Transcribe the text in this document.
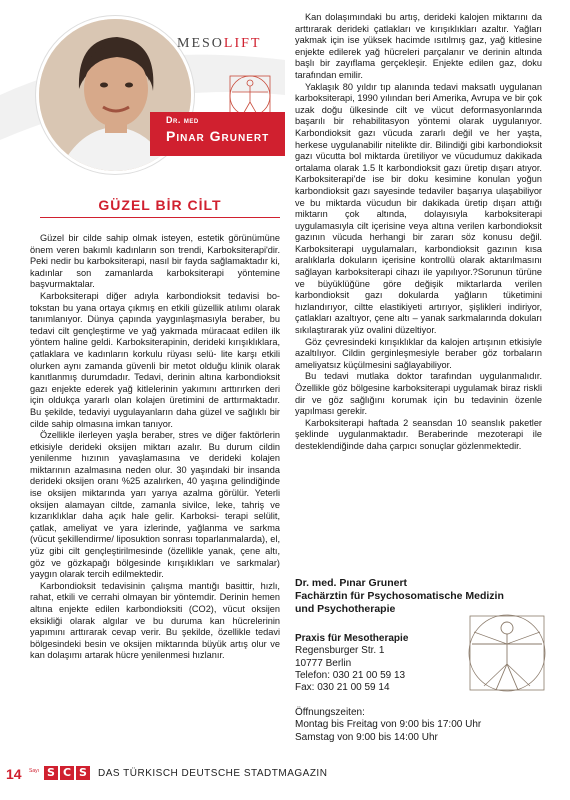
MESOLIFT
Dr. med
Pınar Grunert
GÜZEL BİR CİLT

Güzel bir cilde sahip olmak isteyen, estetik görünümüne önem veren bakımlı kadınların son trendi, Karboksiterapi'dir. Peki nedir bu karboksiterapi, nasıl bir fayda sağlamaktadır ki, kadınlar son zamanlarda karboksiterapi yöntemine başvurmaktalar.

Karboksiterapi diğer adıyla karbondioksit tedavisi bo-tokstan bu yana ortaya çıkmış en etkili güzellik atılımı olarak tanımlanıyor. Dünya çapında yaygınlaşmasıyla beraber, bu tedavi cilt gençleştirme ve yağ yakmada müracaat edilen ilk yöntem haline geldi. Karboksiterapinin, derideki kırışıklıklara, çatlaklara ve kadınların korkulu rüyası selü- lite karşı etkili olurken aynı zamanda güvenli bir metot olduğu klinik olarak kanıtlanmış durumdadır. Tedavi, derinin altına karbondioksit gazı enjekte ederek yağ kitlelerinin yakımını arttırırken deri için oldukça yararlı olan kolajen üretimini de arttırmaktadır. Bu şekilde, tedaviyi uygulayanların daha güzel ve sağlıklı bir cilde sahip olmasına imkan tanıyor.

Özellikle ilerleyen yaşla beraber, stres ve diğer faktörlerin etkisiyle derideki oksijen miktarı azalır. Bu durum cildin yenilenme hızının yavaşlamasına ve derideki kolajen miktarının azalmasına neden olur. 30 yaşındaki bir insanda derideki oksijen oranı %25 azalırken, 40 yaşına gelindiğinde ise oksijen miktarında yarı yarıya azalma görülür. Yeterli oksijen alamayan ciltde, zamanla sivilce, leke, tahriş ve kızarıklıklar daha açık hale gelir. Karboksi- terapi selülit, çatlak, ameliyat ve yara izlerinde, yağlanma ve sarkma (vücut şekillendirme/ liposuktion sonrası toparlanmalarda), el, yüz gibi cilt gençleştirilmesinde (özellikle yanak, çene altı, göz ve gözkapağı bölgesinde kırışıklıkları ve sarkmalar) yaygın olarak tercih edilmektedir.

Karbondioksit tedavisinin çalışma mantığı basittir, hızlı, rahat, etkili ve cerrahi olmayan bir yöntemdir. Derinin hemen altına enjekte edilen karbondioksiti (CO2), vücut oksijen eksikliği olarak algılar ve bu duruma kan hücrelerinin yapımını arttırarak cevap verir. Bu şekilde, özellikle tedavi bölgesindeki besin ve oksijen miktarında büyük artış olur ve kan dolaşımı artarak hücre yenilenmesi hızlanır.

Kan dolaşımındaki bu artış, derideki kalojen miktarını da arttırarak derideki çatlakları ve kırışıklıkları azaltır. Yağları yakmak için ise yüksek hacimde ısıtılmış gaz, yağ kitlesine enjekte edilerek yağ hücreleri parçalanır ve derinin altında başlı bir zayıflama gerçekleşir. Enjekte edilen gaz, doku tarafından emilir.

Yaklaşık 80 yıldır tıp alanında tedavi maksatlı uygulanan karboksiterapi, 1990 yılından beri Amerika, Avrupa ve bir çok uzak doğu ülkesinde cilt ve vücut deformasyonlarında başarılı bir rehabilitasyon yöntemi olarak uygulanıyor. Karbondioksit gazı vücuda zararlı değil ve her yaşta, herkese uygulanabilir nitelikte dir. Bilindiği gibi karbondioksit gazı vücutta bol miktarda üretiliyor ve vücudumuz dakikada ortalama olarak 1.5 lt karbondioksit gazı üretip dışarı atıyor. Karboksiterapi'de ise bir doku kesimine konulan yoğun karbondioksit gazı sayesinde tedaviler başarıya ulaşabiliyor ve bu miktarda vücudun bir dakikada üretip dışarı attığı miktarın çok altında, dolayısıyla karboksiterapi uygulamasıyla cilt içerisine veya altına verilen karbondioksit gazının vücuda herhangi bir zararı söz konusu değil. Karboksiterapi uygulamaları, karbondioksit gazının kısa aralıklarla dokuların içerisine kontrollü olarak aktarılmasını sağlayan karboksiterapi cihazı ile yapılıyor.?Sorunun türüne ve büyüklüğüne göre değişik miktarlarda verilen karbondioksit gazı dokularda yağların tüketimini hızlandırıyor, ciltte elastikiyeti artırıyor, şişlikleri indiriyor, çatlakları azaltıyor, çene altı – yanak sarkmalarında dokuları sıkılaştırarak yüz ovalini düzeltiyor.

Göz çevresindeki kırışıklıklar da kalojen artışının etkisiyle azaltılıyor. Cildin gerginleşmesiyle beraber göz torbaların ameliyatsız küçülmesini sağlayabiliyor.

Bu tedavi mutlaka doktor tarafından uygulanmalıdır. Özellikle göz bölgesine karboksiterapi uygulamak biraz riskli dir ve göz sağlığını korumak için bu tedavinin özenle yapılması gerekir.

Karboksiterapi haftada 2 seansdan 10 seanslık paketler şeklinde uygulanmaktadır. Beraberinde mezoterapi ile desteklendiğinde daha çarpıcı sonuçlar gözlenmektedir.

Dr. med. Pınar Grunert
Fachärztin für Psychosomatische Medizin
und Psychotherapie
Praxis für Mesotherapie
Regensburger Str. 1
10777 Berlin
Telefon: 030 21 00 59 13
Fax: 030 21 00 59 14
Öffnungszeiten:
Montag bis Freitag von 9:00 bis 17:00 Uhr
Samstag von 9:00 bis 14:00 Uhr
14 Sayı S C S	DAS TÜRKISCH DEUTSCHE STADTMAGAZIN
